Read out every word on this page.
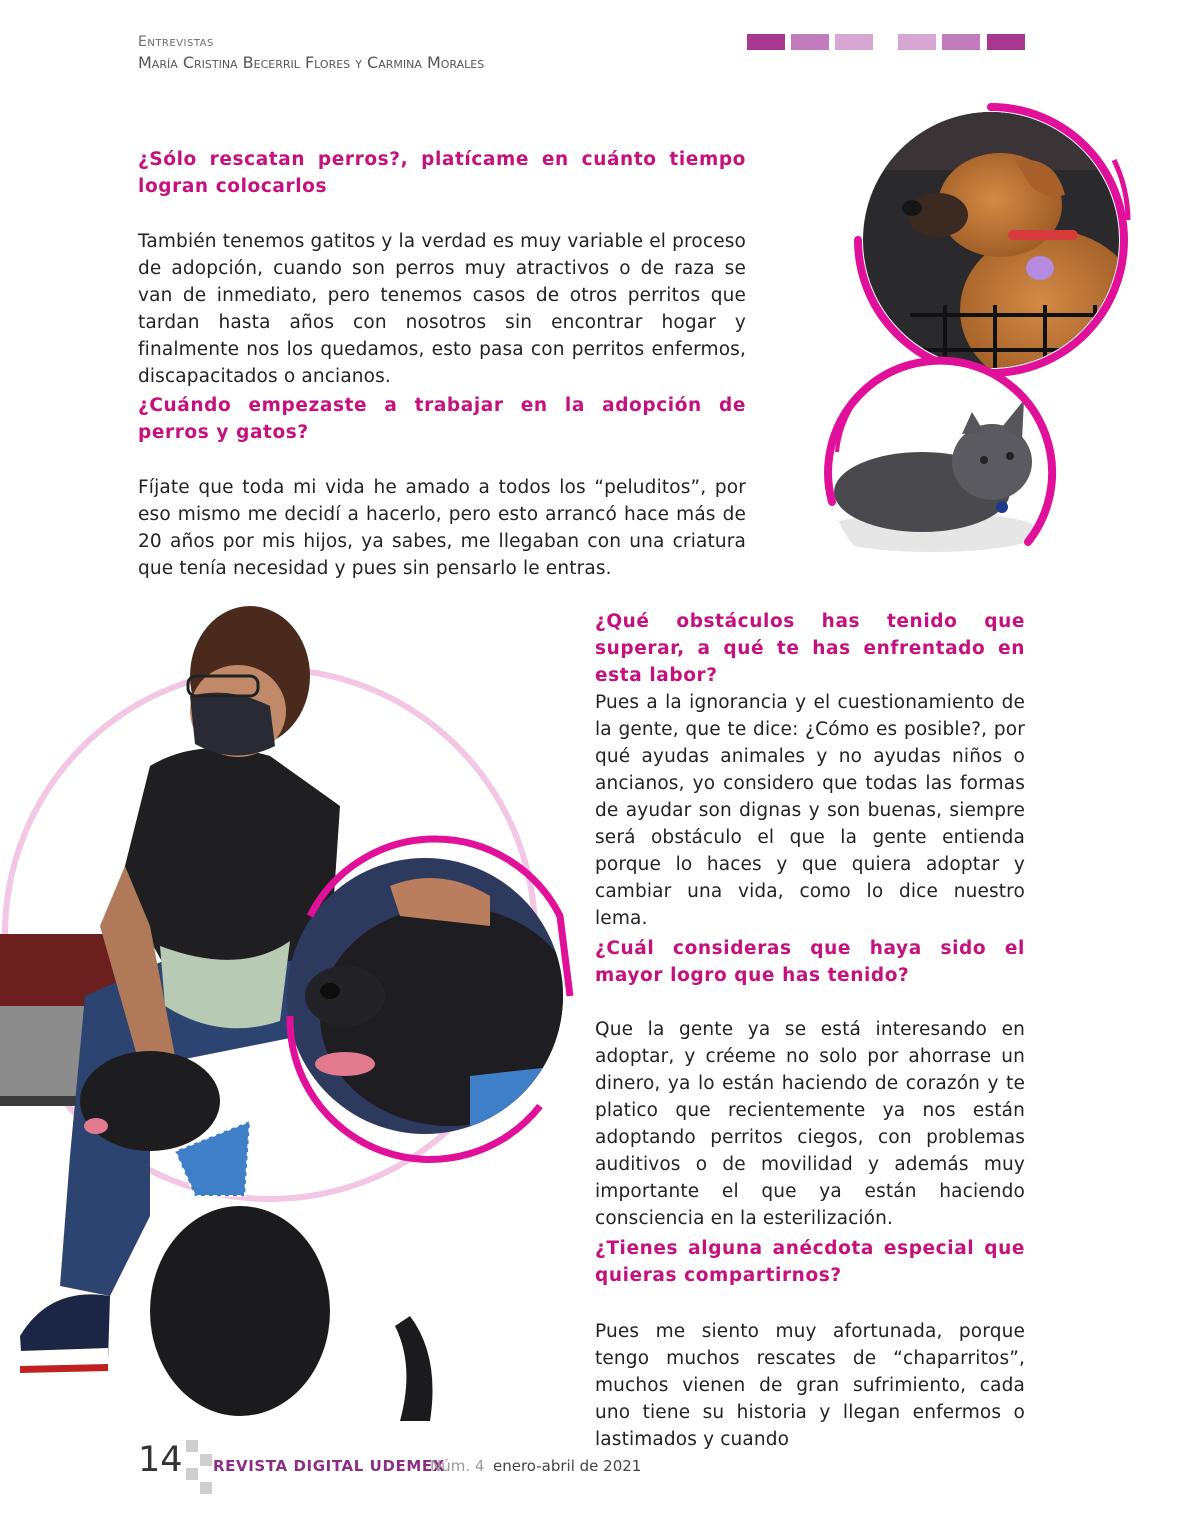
Entrevistas
María Cristina Becerril Flores y Carmina Morales

¿Sólo rescatan perros?, platícame en cuánto tiempo logran colocarlos

También tenemos gatitos y la verdad es muy variable el proceso de adopción, cuando son perros muy atractivos o de raza se van de inmediato, pero tenemos casos de otros perritos que tardan hasta años con nosotros sin encontrar hogar y finalmente nos los quedamos, esto pasa con perritos enfermos, discapacitados o ancianos.

¿Cuándo empezaste a trabajar en la adopción de perros y gatos?

Fíjate que toda mi vida he amado a todos los “peluditos”, por eso mismo me decidí a hacerlo, pero esto arrancó hace más de 20 años por mis hijos, ya sabes, me llegaban con una criatura que tenía necesidad y pues sin pensarlo le entras.

¿Qué obstáculos has tenido que superar, a qué te has enfrentado en esta labor?

Pues a la ignorancia y el cuestionamiento de la gente, que te dice: ¿Cómo es posible?, por qué ayudas animales y no ayudas niños o ancianos, yo considero que todas las formas de ayudar son dignas y son buenas, siempre será obstáculo el que la gente entienda porque lo haces y que quiera adoptar y cambiar una vida, como lo dice nuestro lema.

¿Cuál consideras que haya sido el mayor logro que has tenido?

Que la gente ya se está interesando en adoptar, y créeme no solo por ahorrase un dinero, ya lo están haciendo de corazón y te platico que recientemente ya nos están adoptando perritos ciegos, con problemas auditivos o de movilidad y además muy importante el que ya están haciendo consciencia en la esterilización.

¿Tienes alguna anécdota especial que quieras compartirnos?

Pues me siento muy afortunada, porque tengo muchos rescates de “chaparritos”, muchos vienen de gran sufrimiento, cada uno tiene su historia y llegan enfermos o lastimados y cuando

14 REVISTA DIGITAL UDEMEX
Núm. 4 enero-abril de 2021
